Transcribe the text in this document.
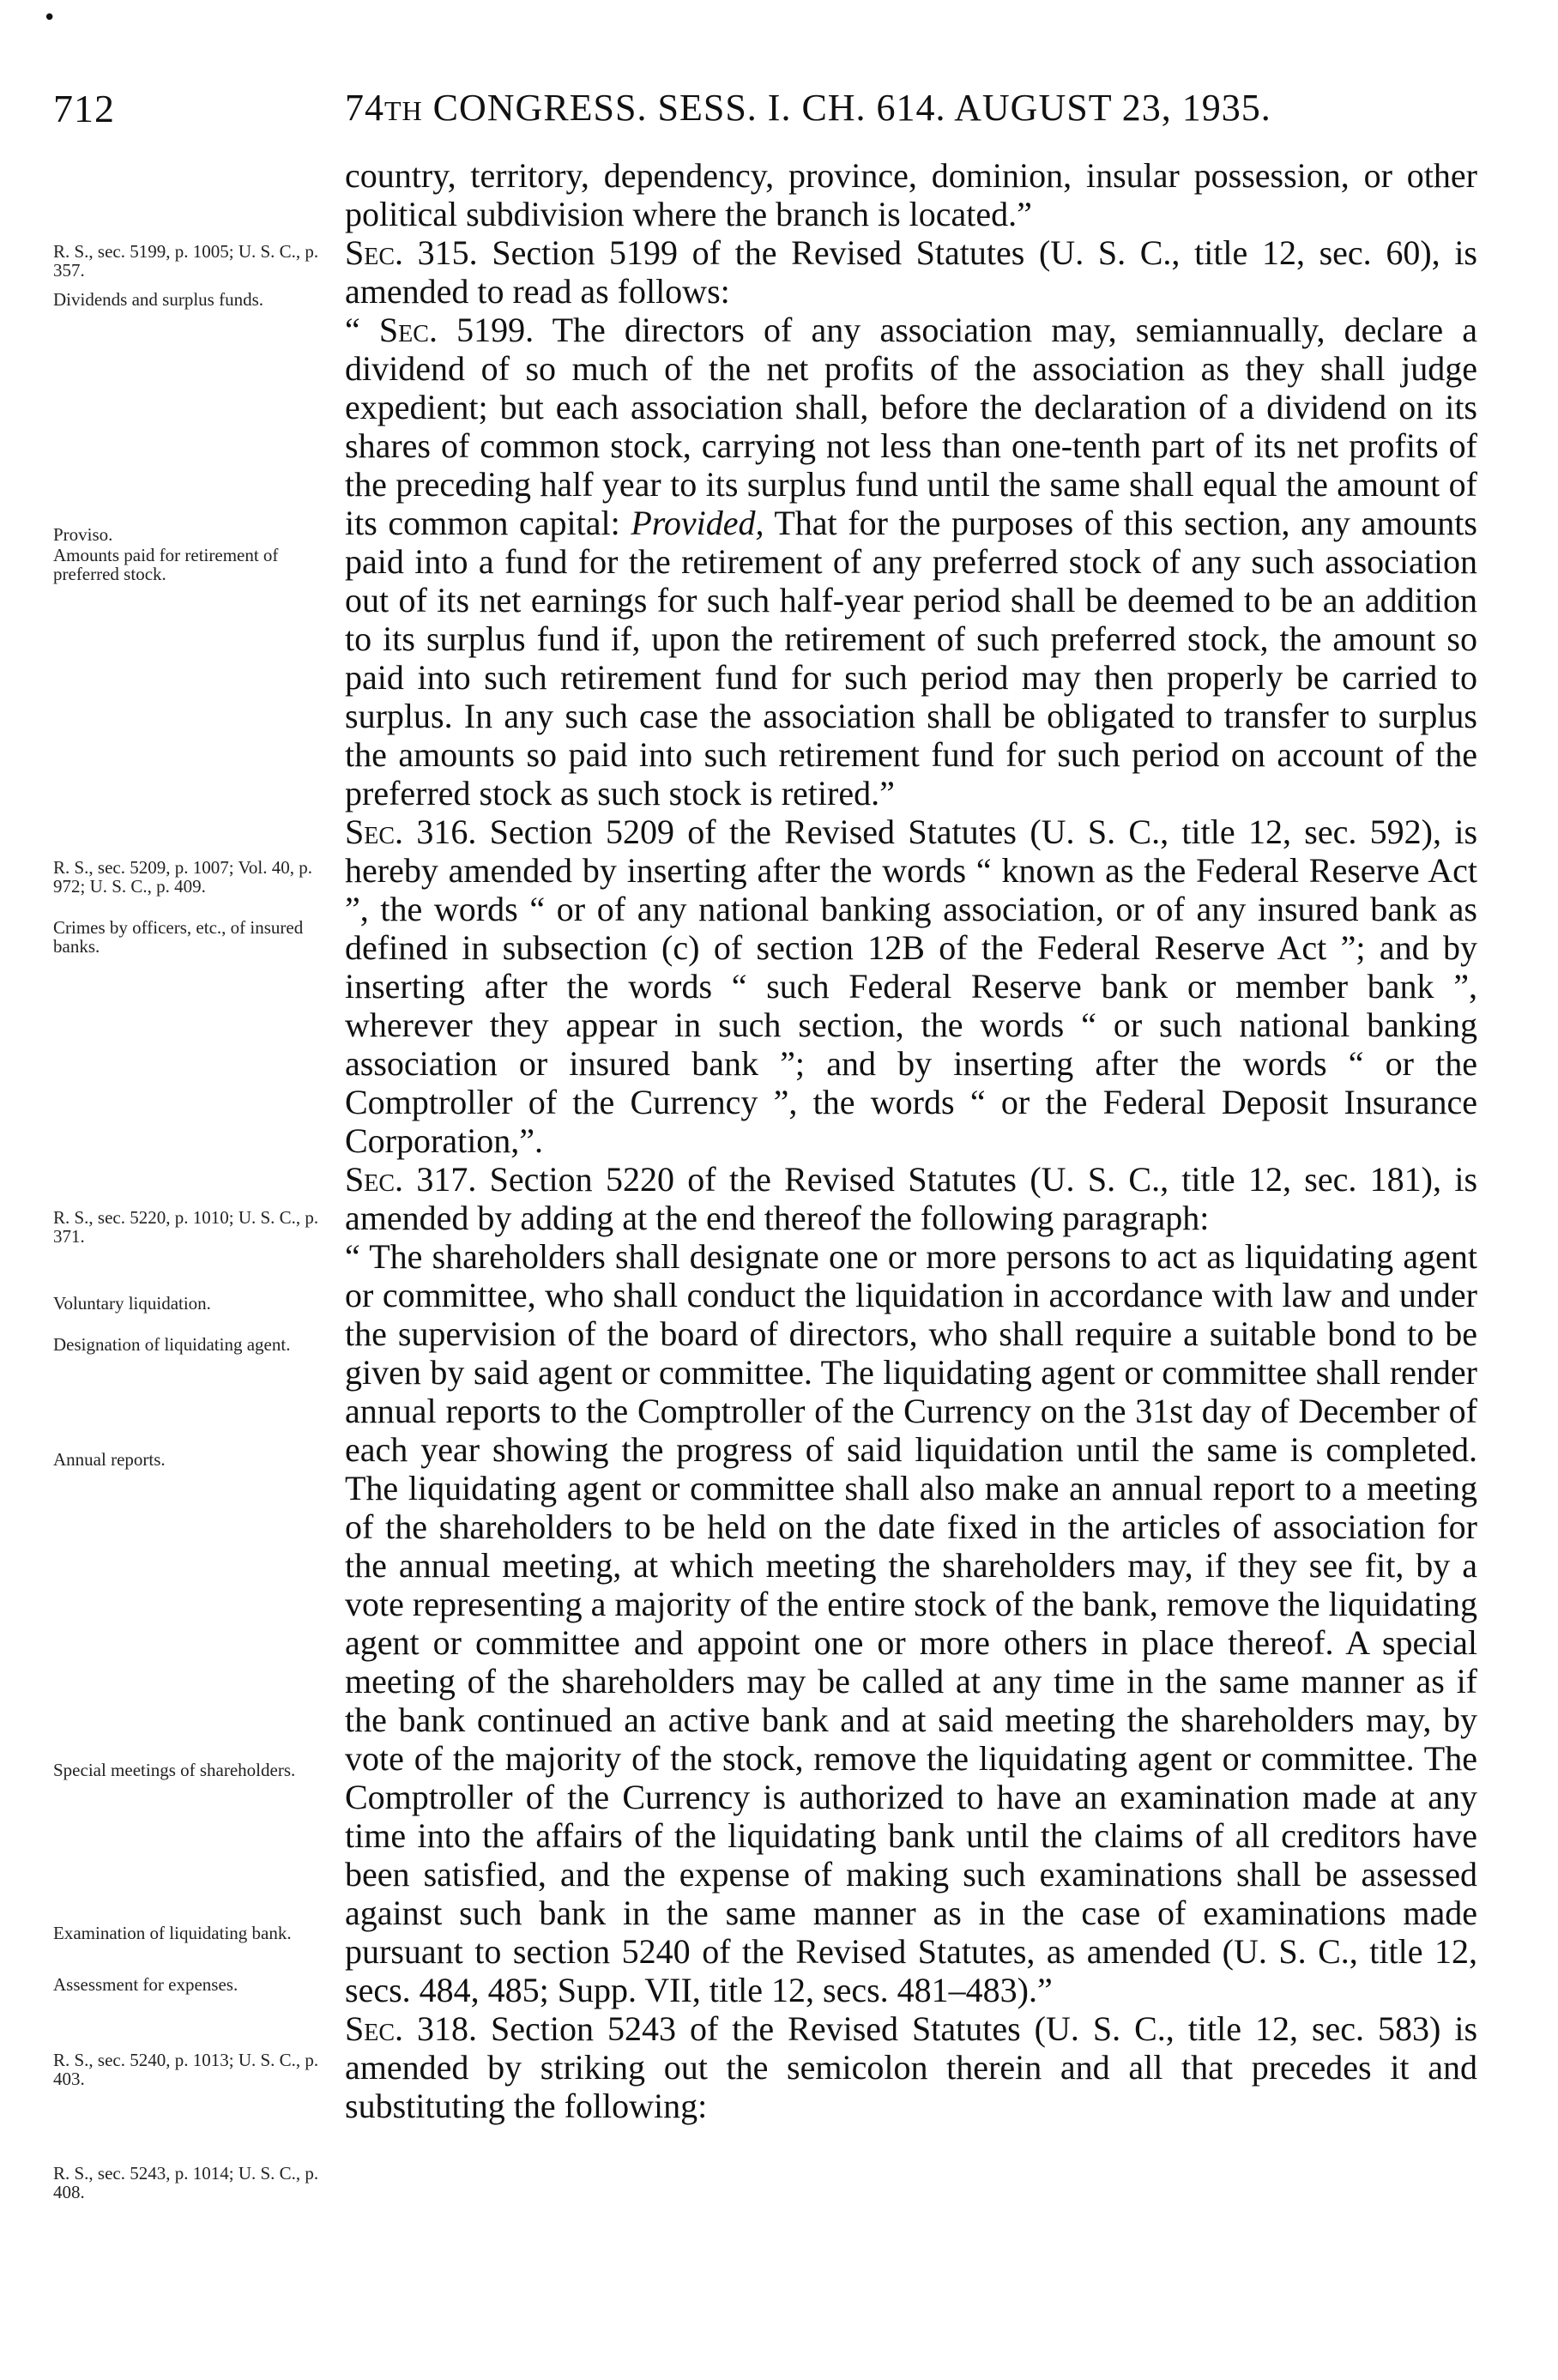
•
712	74TH CONGRESS. SESS. I. CH. 614. AUGUST 23, 1935.
R. S., sec. 5199, p. 1005; U. S. C., p. 357.
Dividends and surplus funds.
Proviso.
Amounts paid for retirement of preferred stock.
R. S., sec. 5209, p. 1007; Vol. 40, p. 972; U. S. C., p. 409.
Crimes by officers, etc., of insured banks.
R. S., sec. 5220, p. 1010; U. S. C., p. 371.
Voluntary liquidation.
Designation of liquidating agent.
Annual reports.
Special meetings of shareholders.
Examination of liquidating bank.
Assessment for expenses.
R. S., sec. 5240, p. 1013; U. S. C., p. 403.
R. S., sec. 5243, p. 1014; U. S. C., p. 408.

country, territory, dependency, province, dominion, insular possession, or other political subdivision where the branch is located.”

Sec. 315. Section 5199 of the Revised Statutes (U. S. C., title 12, sec. 60), is amended to read as follows:

“ Sec. 5199. The directors of any association may, semiannually, declare a dividend of so much of the net profits of the association as they shall judge expedient; but each association shall, before the declaration of a dividend on its shares of common stock, carrying not less than one-tenth part of its net profits of the preceding half year to its surplus fund until the same shall equal the amount of its common capital: Provided, That for the purposes of this section, any amounts paid into a fund for the retirement of any preferred stock of any such association out of its net earnings for such half-year period shall be deemed to be an addition to its surplus fund if, upon the retirement of such preferred stock, the amount so paid into such retirement fund for such period may then properly be carried to surplus. In any such case the association shall be obligated to transfer to surplus the amounts so paid into such retirement fund for such period on account of the preferred stock as such stock is retired.”

Sec. 316. Section 5209 of the Revised Statutes (U. S. C., title 12, sec. 592), is hereby amended by inserting after the words “ known as the Federal Reserve Act ”, the words “ or of any national banking association, or of any insured bank as defined in subsection (c) of section 12B of the Federal Reserve Act ”; and by inserting after the words “ such Federal Reserve bank or member bank ”, wherever they appear in such section, the words “ or such national banking association or insured bank ”; and by inserting after the words “ or the Comptroller of the Currency ”, the words “ or the Federal Deposit Insurance Corporation,”.

Sec. 317. Section 5220 of the Revised Statutes (U. S. C., title 12, sec. 181), is amended by adding at the end thereof the following paragraph:

“ The shareholders shall designate one or more persons to act as liquidating agent or committee, who shall conduct the liquidation in accordance with law and under the supervision of the board of directors, who shall require a suitable bond to be given by said agent or committee. The liquidating agent or committee shall render annual reports to the Comptroller of the Currency on the 31st day of December of each year showing the progress of said liquidation until the same is completed. The liquidating agent or committee shall also make an annual report to a meeting of the shareholders to be held on the date fixed in the articles of association for the annual meeting, at which meeting the shareholders may, if they see fit, by a vote representing a majority of the entire stock of the bank, remove the liquidating agent or committee and appoint one or more others in place thereof. A special meeting of the shareholders may be called at any time in the same manner as if the bank continued an active bank and at said meeting the shareholders may, by vote of the majority of the stock, remove the liquidating agent or committee. The Comptroller of the Currency is authorized to have an examination made at any time into the affairs of the liquidating bank until the claims of all creditors have been satisfied, and the expense of making such examinations shall be assessed against such bank in the same manner as in the case of examinations made pursuant to section 5240 of the Revised Statutes, as amended (U. S. C., title 12, secs. 484, 485; Supp. VII, title 12, secs. 481–483).”

Sec. 318. Section 5243 of the Revised Statutes (U. S. C., title 12, sec. 583) is amended by striking out the semicolon therein and all that precedes it and substituting the following:
